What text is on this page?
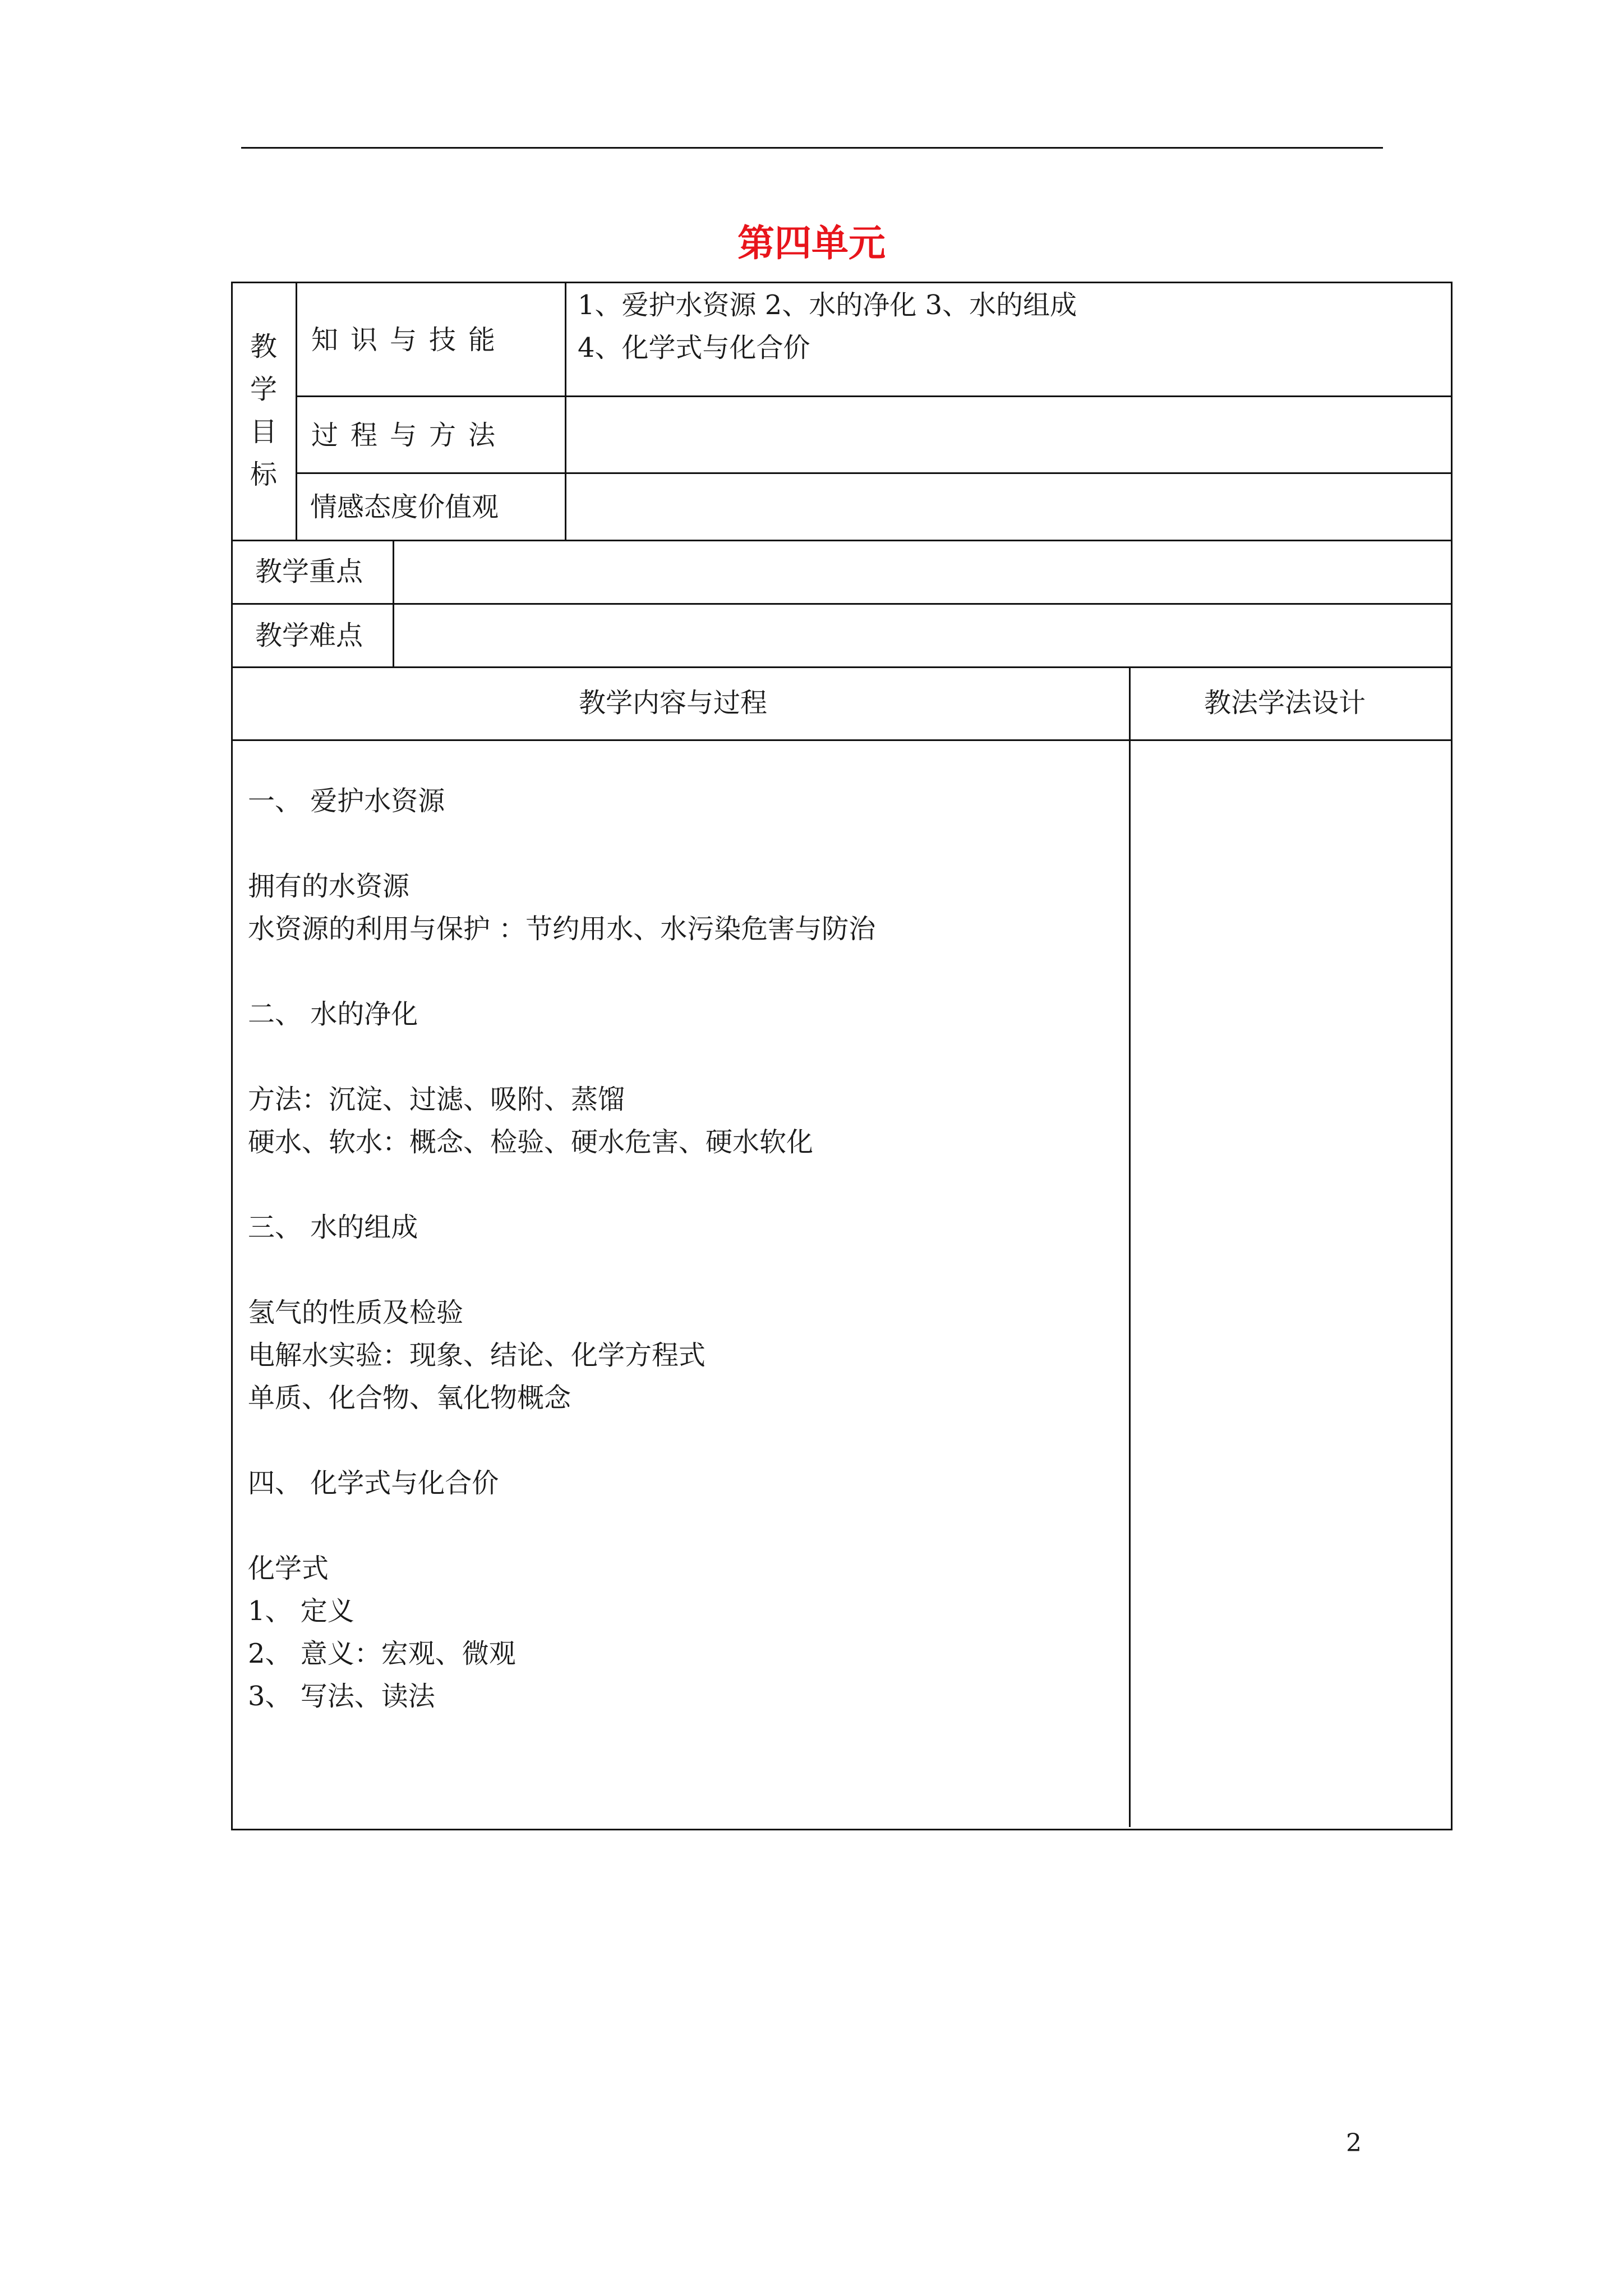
第四单元
教
学
目
标
知识与技能
1、爱护水资源 2、水的净化 3、水的组成
4、化学式与化合价
过程与方法
情感态度价值观
教学重点
教学难点
教学内容与过程	教法学法设计
一、 爱护水资源
拥有的水资源
水资源的利用与保护 ：节约用水、水污染危害与防治
二、 水的净化
方法：沉淀、过滤、吸附、蒸馏
硬水、软水：概念、检验、硬水危害、硬水软化
三、 水的组成
氢气的性质及检验
电解水实验：现象、结论、化学方程式
单质、化合物、氧化物概念
四、 化学式与化合价
化学式
1、 定义
2、 意义：宏观、微观
3、 写法、读法
2
